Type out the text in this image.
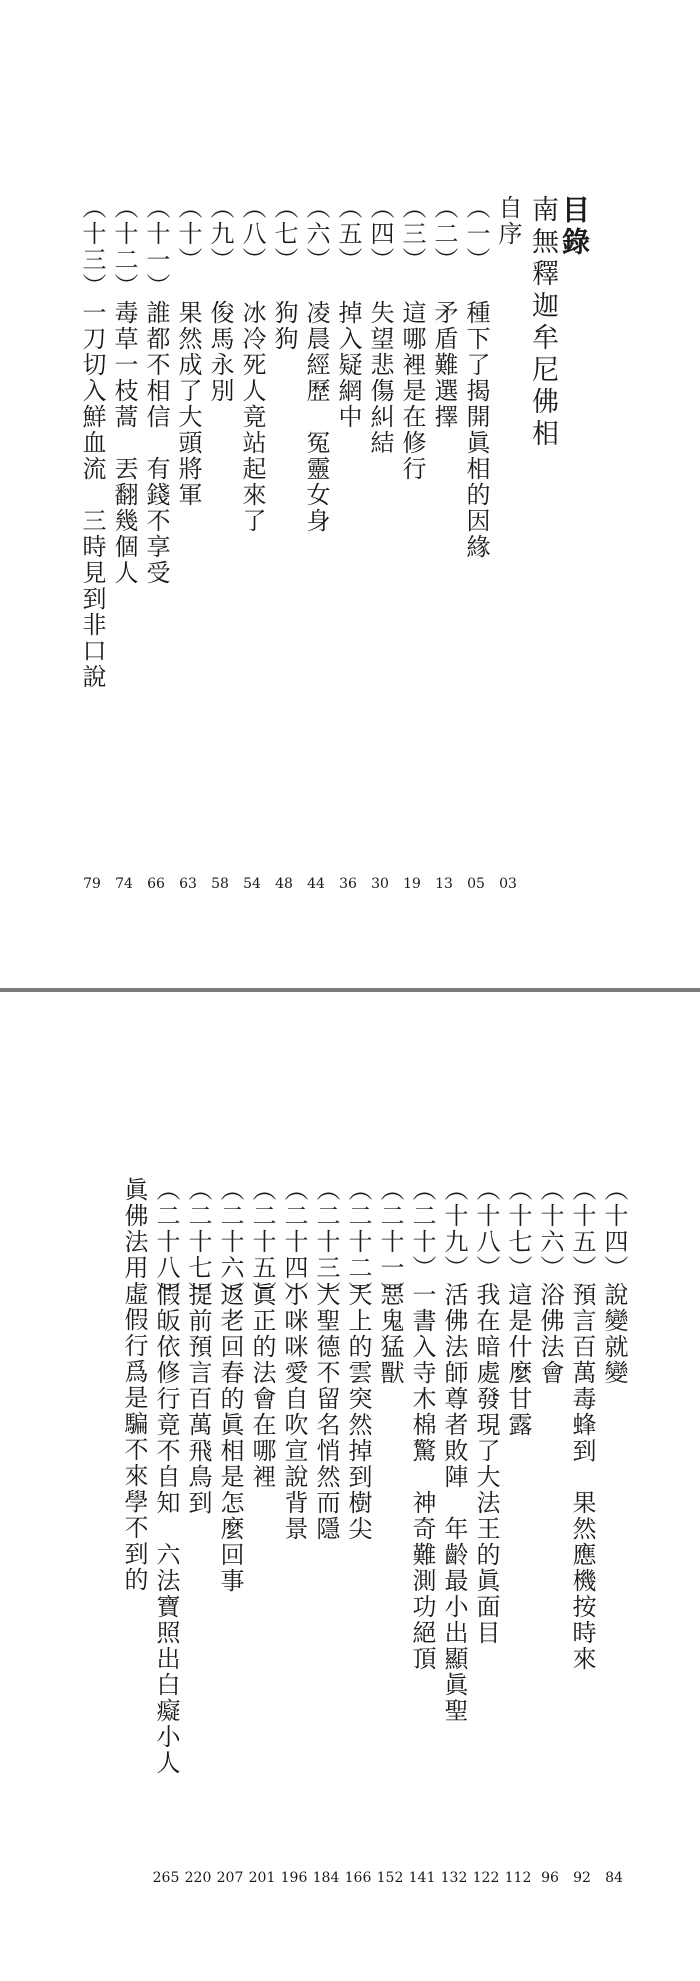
目錄
南無釋迦牟尼佛相
自序
03
（一）
種下了揭開眞相的因緣
05
（二）
矛盾難選擇
13
（三）
這哪裡是在修行
19
（四）
失望悲傷糾結
30
（五）
掉入疑網中
36
（六）
凌晨經歷　冤靈女身
44
（七）
狗狗
48
（八）
冰冷死人竟站起來了
54
（九）
俊馬永別
58
（十）
果然成了大頭將軍
63
（十一）
誰都不相信　有錢不享受
66
（十二）
毒草一枝蒿　丟翻幾個人
74
（十三）
一刀切入鮮血流　三時見到非口說
79
（十四）
說變就變
84
（十五）
預言百萬毒蜂到　果然應機按時來
92
（十六）
浴佛法會
96
（十七）
這是什麼甘露
112
（十八）
我在暗處發現了大法王的眞面目
122
（十九）
活佛法師尊者敗陣　年齡最小出顯眞聖
132
（二十）
一書入寺木棉驚　神奇難測功絕頂
141
（二十一）
惡鬼猛獸
152
（二十二）
天上的雲突然掉到樹尖
166
（二十三）
大聖德不留名悄然而隱
184
（二十四）
小咪咪愛自吹宣說背景
196
（二十五）
眞正的法會在哪裡
201
（二十六）
返老回春的眞相是怎麼回事
207
（二十七）
提前預言百萬飛鳥到
220
（二十八）
假皈依修行竟不自知　六法寶照出白癡小人
265
眞佛法用虛假行爲是騙不來學不到的
